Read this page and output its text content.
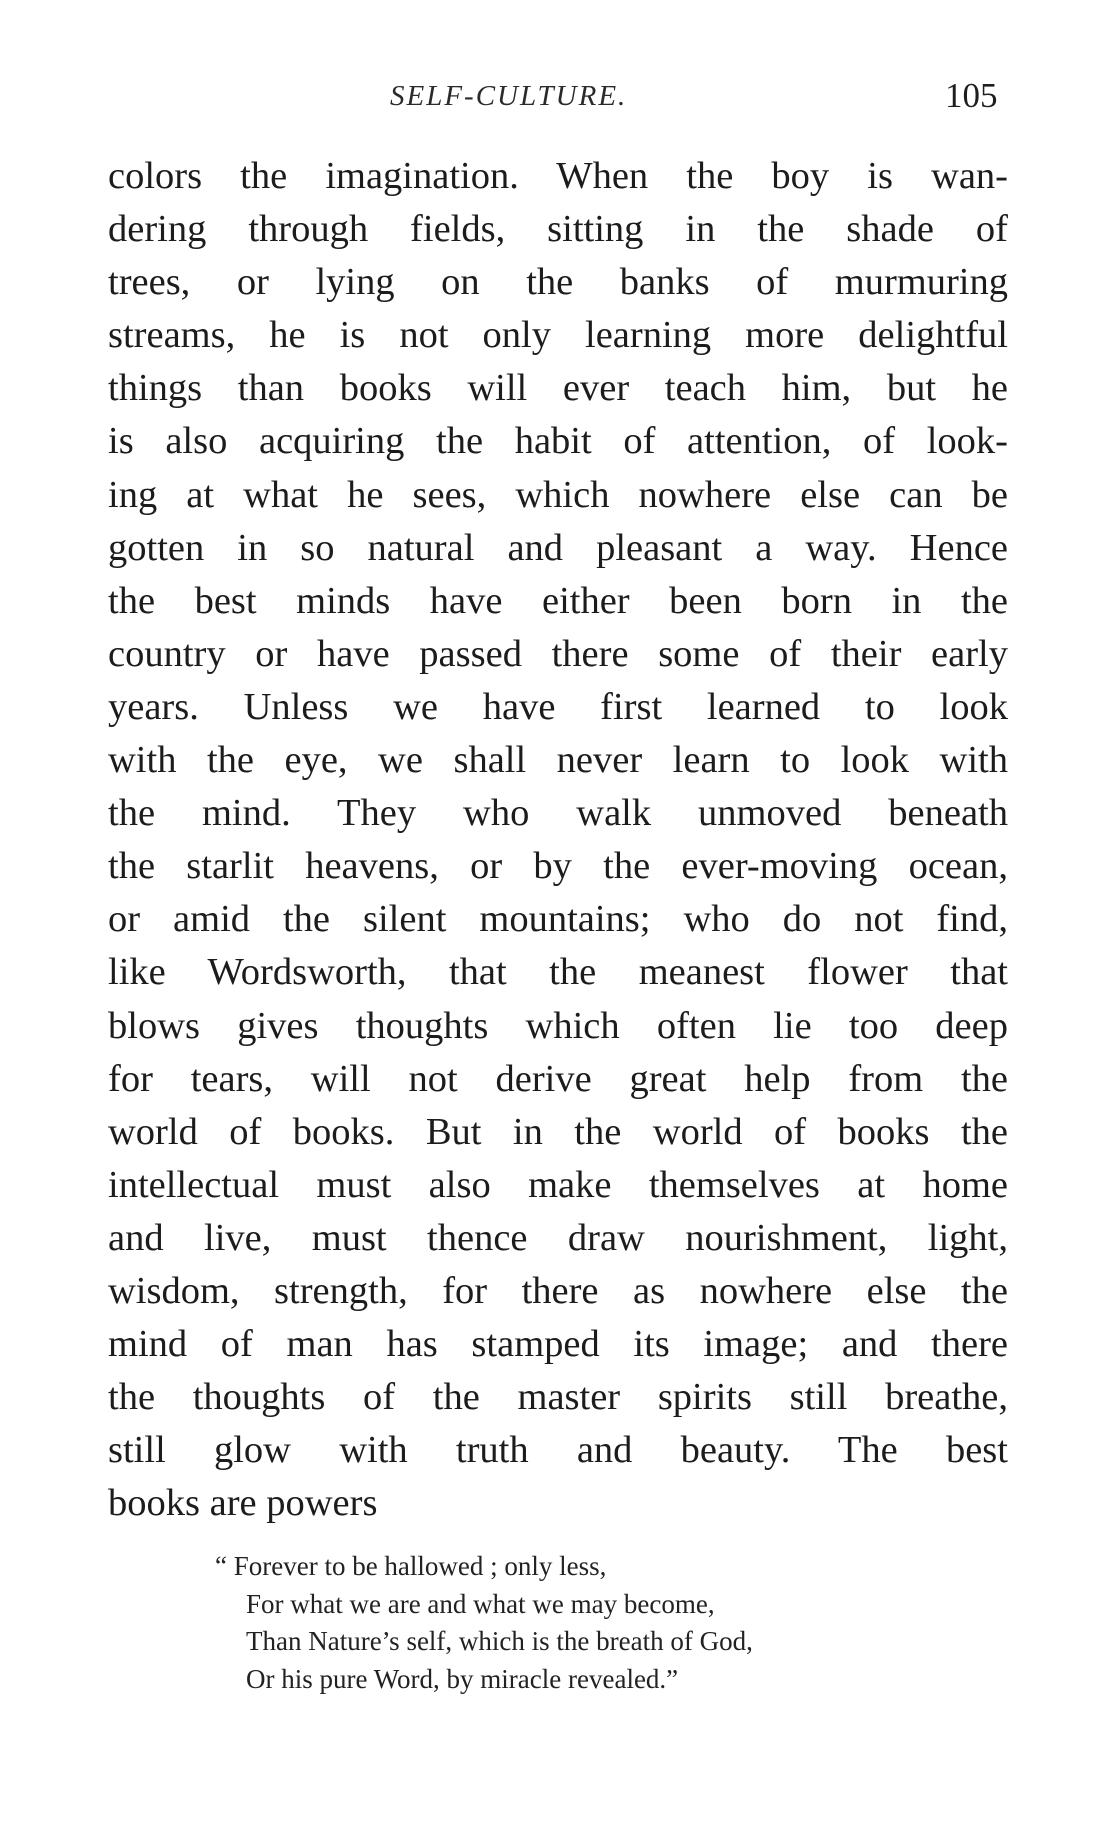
SELF-CULTURE.	105
colors the imagination. When the boy is wan-
dering through fields, sitting in the shade of
trees, or lying on the banks of murmuring
streams, he is not only learning more delightful
things than books will ever teach him, but he
is also acquiring the habit of attention, of look-
ing at what he sees, which nowhere else can be
gotten in so natural and pleasant a way. Hence
the best minds have either been born in the
country or have passed there some of their early
years. Unless we have first learned to look
with the eye, we shall never learn to look with
the mind. They who walk unmoved beneath
the starlit heavens, or by the ever-moving ocean,
or amid the silent mountains; who do not find,
like Wordsworth, that the meanest flower that
blows gives thoughts which often lie too deep
for tears, will not derive great help from the
world of books. But in the world of books the
intellectual must also make themselves at home
and live, must thence draw nourishment, light,
wisdom, strength, for there as nowhere else the
mind of man has stamped its image; and there
the thoughts of the master spirits still breathe,
still glow with truth and beauty. The best
books are powers
“ Forever to be hallowed ; only less,
For what we are and what we may become,
Than Nature’s self, which is the breath of God,
Or his pure Word, by miracle revealed.”
